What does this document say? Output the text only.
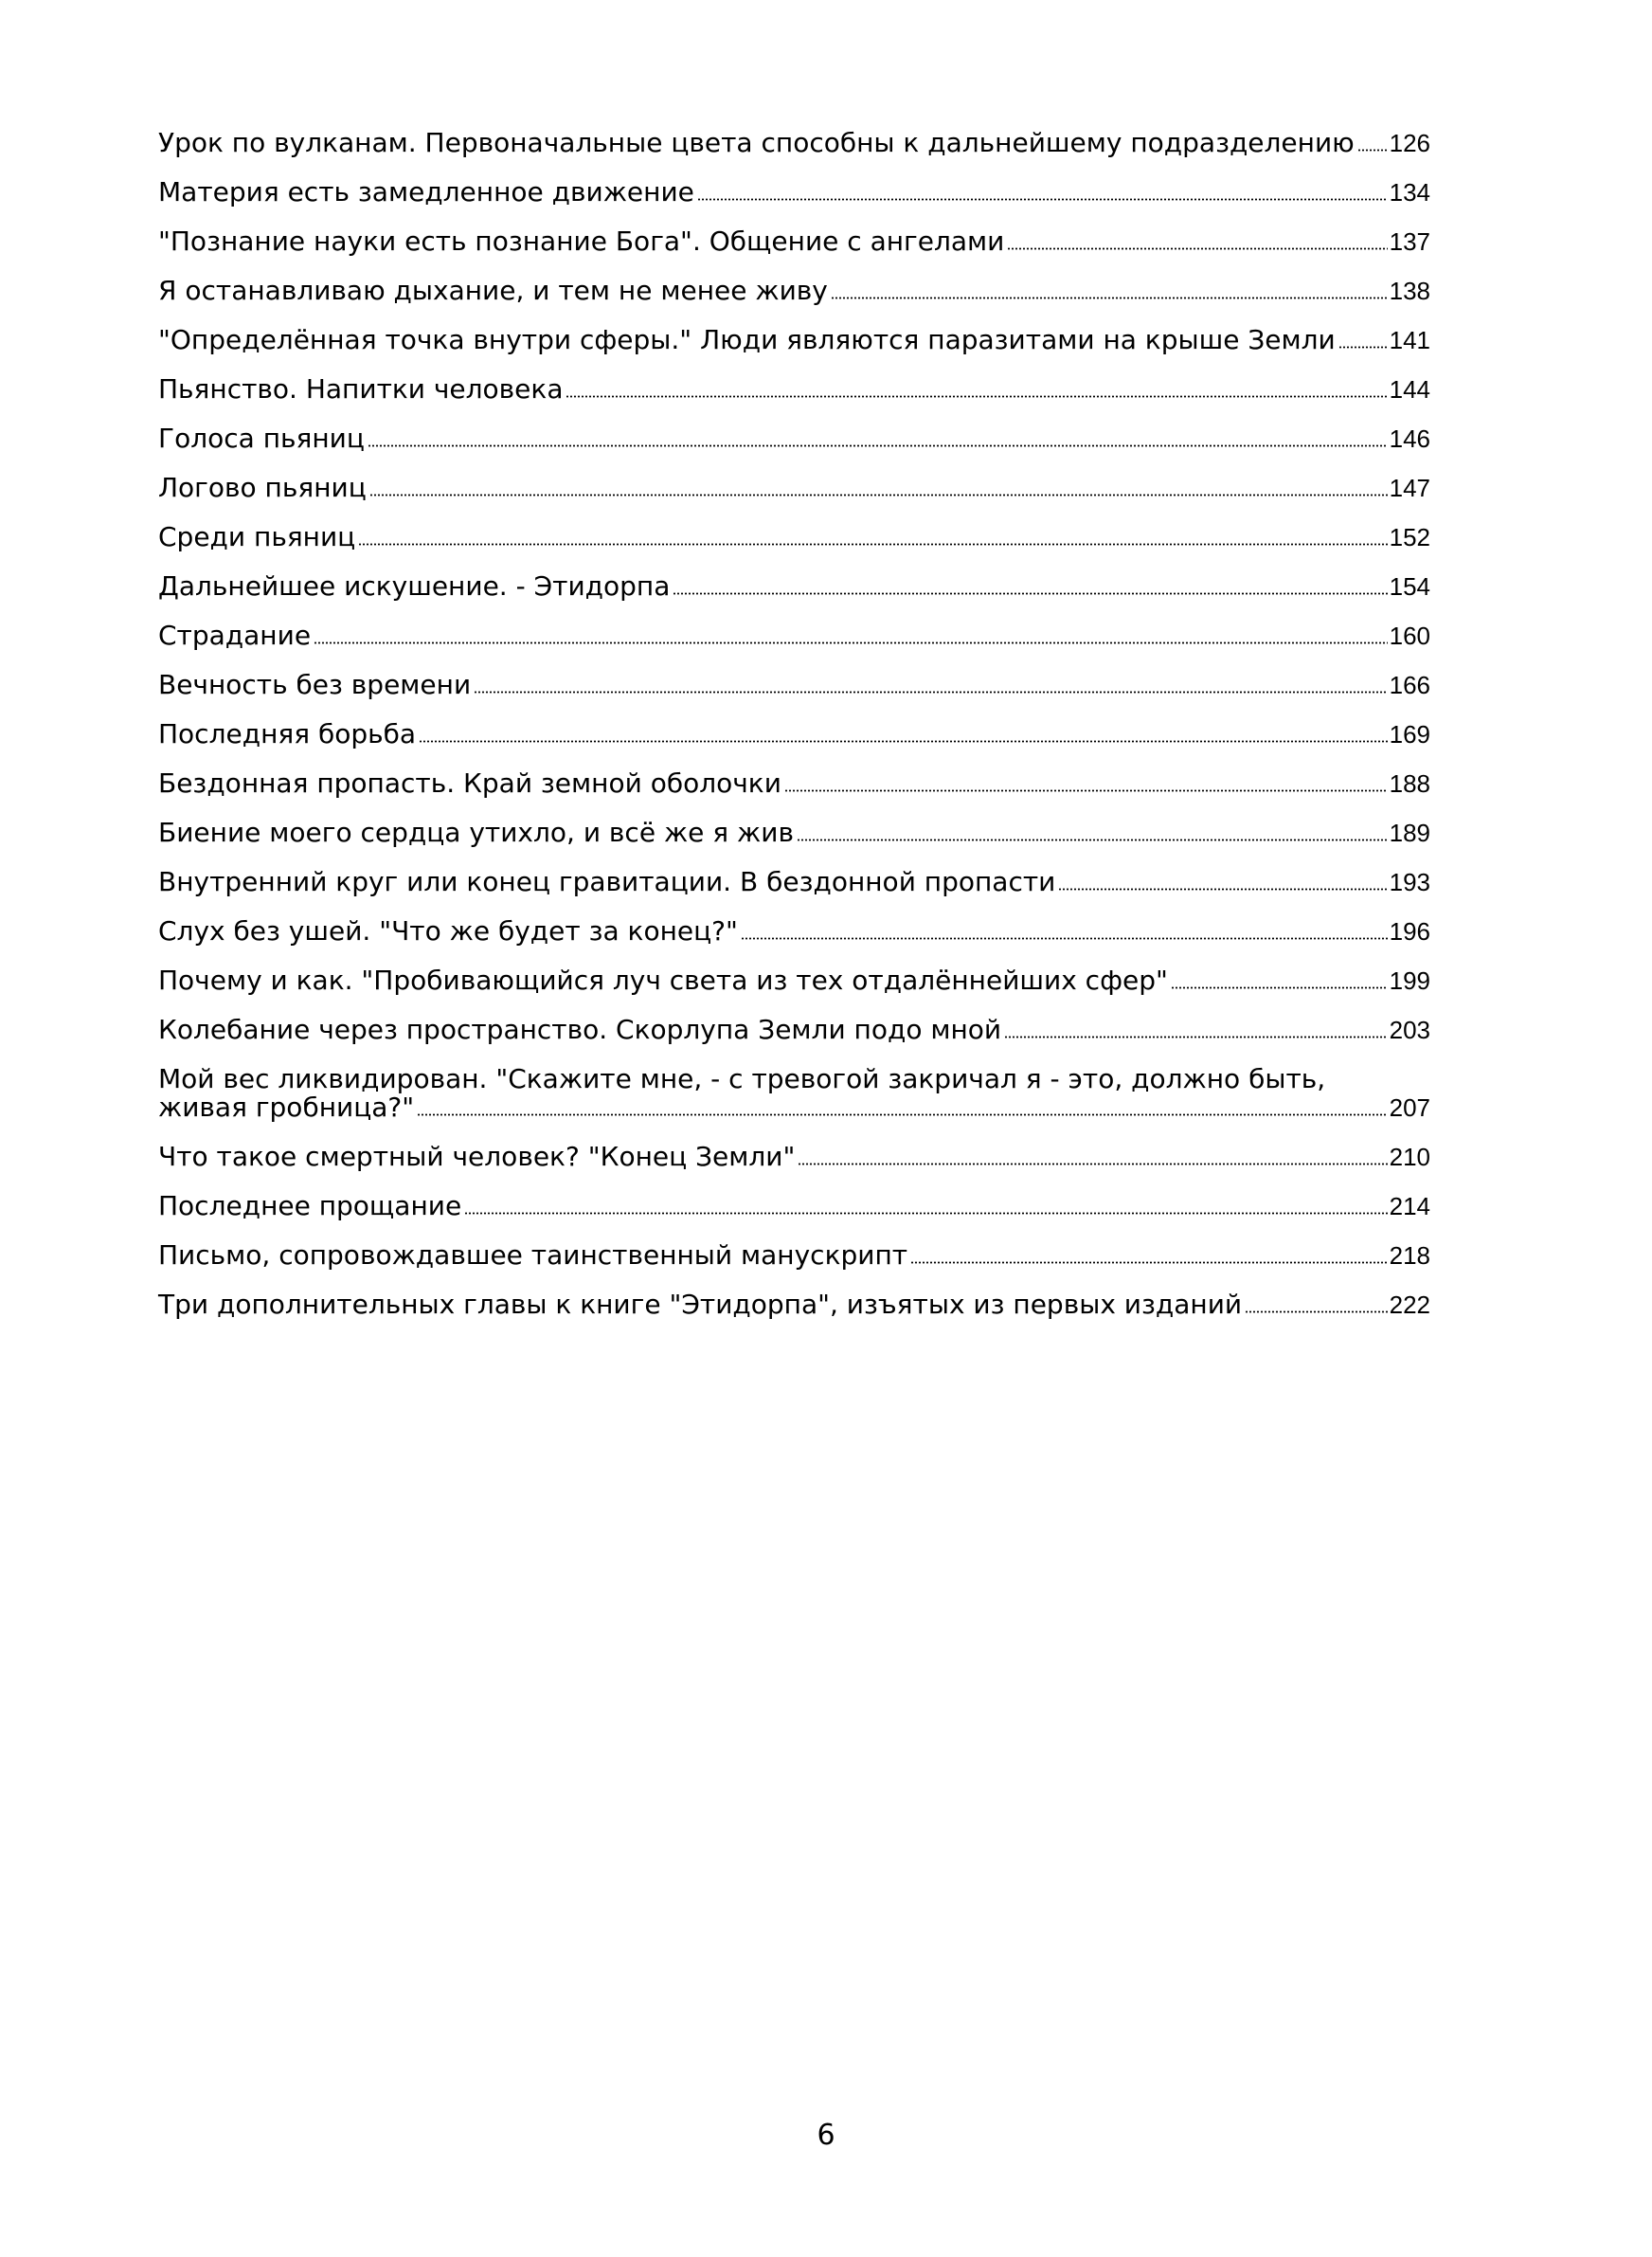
Урок по вулканам. Первоначальные цвета способны к дальнейшему подразделению 126
Материя есть замедленное движение	134
"Познание науки есть познание Бога". Общение с ангелами	137
Я останавливаю дыхание, и тем не менее живу	138
"Определённая точка внутри сферы." Люди являются паразитами на крыше Земли 141
Пьянство. Напитки человека	144
Голоса пьяниц	146
Логово пьяниц	147
Среди пьяниц	152
Дальнейшее искушение. - Этидорпа	154
Страдание	160
Вечность без времени	166
Последняя борьба	169
Бездонная пропасть. Край земной оболочки	188
Биение моего сердца утихло, и всё же я жив	189
Внутренний круг или конец гравитации. В бездонной пропасти	193
Слух без ушей. "Что же будет за конец?"	196
Почему и как. "Пробивающийся луч света из тех отдалённейших сфер"	199
Колебание через пространство. Скорлупа Земли подо мной	203
Мой вес ликвидирован. "Скажите мне, - с тревогой закричал я - это, должно быть,
живая гробница?"	207
Что такое смертный человек? "Конец Земли"	210
Последнее прощание	214
Письмо, сопровождавшее таинственный манускрипт	218
Три дополнительных главы к книге "Этидорпа", изъятых из первых изданий	222
6
